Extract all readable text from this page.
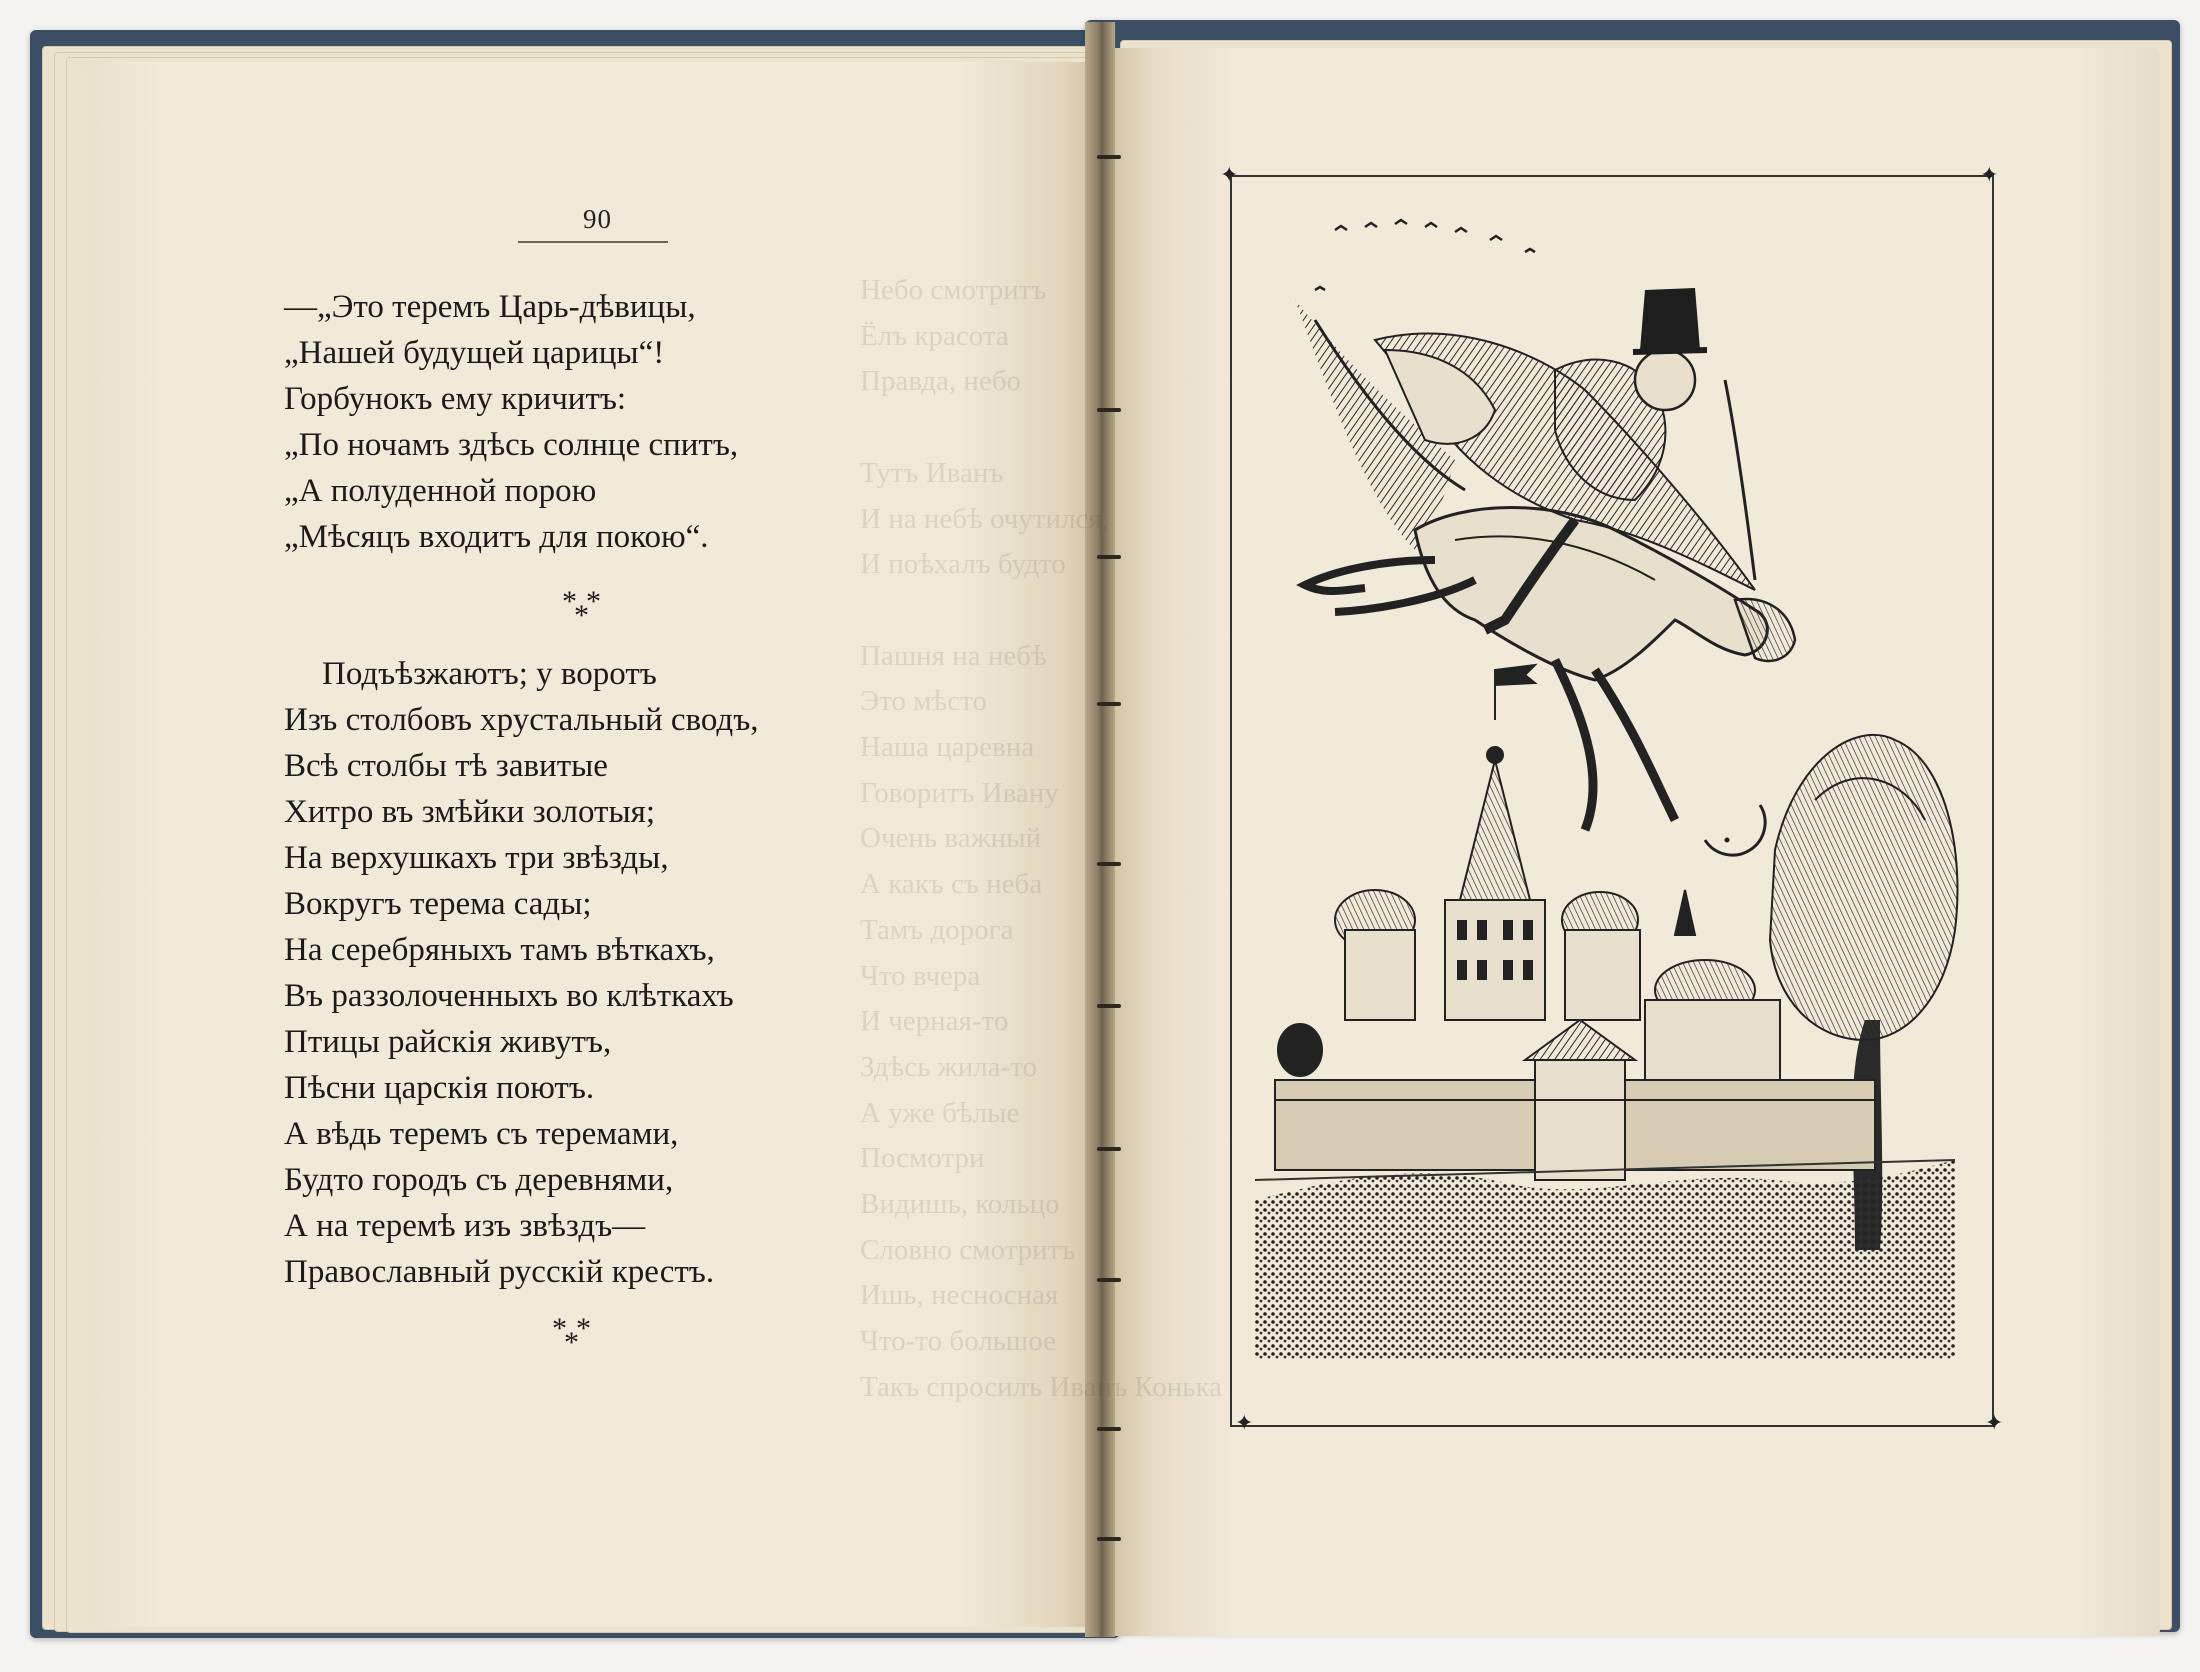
Небо смотритъ
Ёлъ красота
Правда, небо

Тутъ Иванъ
И на небѣ очутился,
И поѣхалъ будто

Пашня на небѣ
Это мѣсто
Наша царевна
Говоритъ Ивану
Очень важный
А какъ съ неба
Тамъ дорога
Что вчера
И черная-то
Здѣсь жила-то
А уже бѣлые
Посмотри
Видишь, кольцо
Словно смотритъ
Ишь, несносная
Что-то большое
Такъ спросилъ Иванъ Конька
90
—„Это теремъ Царь-дѣвицы,
„Нашей будущей царицы“!
Горбунокъ ему кричитъ:
„По ночамъ здѣсь солнце спитъ,
„А полуденной порою
„Мѣсяцъ входитъ для покою“.
* *
*
Подъѣзжаютъ; у воротъ
Изъ столбовъ хрустальный сводъ,
Всѣ столбы тѣ завитые
Хитро въ змѣйки золотыя;
На верхушкахъ три звѣзды,
Вокругъ терема сады;
На серебряныхъ тамъ вѣткахъ,
Въ раззолоченныхъ во клѣткахъ
Птицы райскія живутъ,
Пѣсни царскія поютъ.
А вѣдь теремъ съ теремами,
Будто городъ съ деревнями,
А на теремѣ изъ звѣздъ—
Православный русскій крестъ.
* *
*
✦	✦
✦	✦
